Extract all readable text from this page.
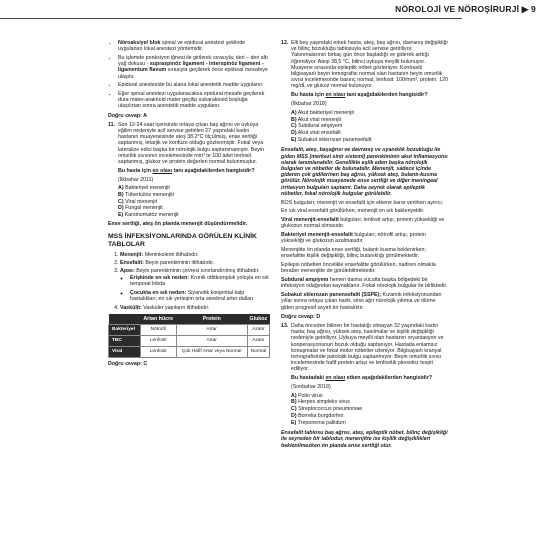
NÖROLOJİ VE NÖROŞİRURJİ ▶ 9
• Nöroaksiyel blok spinal ve epidural anestezi şeklinde uygulanan lokal anestezi yöntemidir.
• Bu işlemde ponksiyon iğnesi ile girilerek sırasıyla; deri – deri altı yağ dokusu - supraspinöz ligament - interspinöz ligament - ligamentum flavum sırasıyla geçilerek önce epidural mesafeye ulaşılır.
• Epidural anestezide bu alana lokal anestetik madde uygulanır.
• Eğer spinal anestezi uygulanacaksa epidural mesafe geçilerek dura mater-araknoid mater geçilip subaraknoid boşluğa ulaşılırtan sonra anestetik madde uygulanır.

Doğru cevap: A

11. Son 12-24 saat içerisinde ortaya çıkan baş ağrısı ve uykuya eğilim nedeniyle acil servise getirilen 27 yaşındaki kadın hastanın muayenesinde ateş 38.2°C ölçülmüş, ense sertliği saptanmış, letarjik ve konfüze olduğu gözlenmiştir. Fokal veya lateralize edici başka bir nörolojik bulgu saptanmamıştır. Beyin omurilik sıvısının incelemesinde mm³ te 100 adet lenfosit saptanmış, glukoz ve protein değerleri normal bulunmuştur.

Bu hasta için en olası tanı aşağıdakilerden hangisidir?

(İlkbahar 2011)

A) Bakteriyel menenjit

B) Tüberküloz menenjiti

C) Viral menenjit

D) Fungal menenjit

E) Karsinomatöz menenjit

Ense sertliği, ateş ön planda menenjit düşündürmelidir.

MSS İNFEKSİYONLARINDA GÖRÜLEN KLİNİK TABLOLAR
1. Menenjit: Meninkslerin iltihabıdır.
2. Ensefalit: Beyin parenkiminin iltihabıdır.
3. Apse: Beyin parenkiminin çevresi sınırlandırılmış iltihabıdır.
◦ Erişkinde en sık neden: Kronik ottitkompluk yoluyla en sık temporal lobda
◦ Çocukta en sık neden: Siyanotik konjenital kalp hastalıkları; en sık yerleşim orta serebral arter dalları
4. Vaskülit: Vasküler yapıların iltihabıdır.
	Artan hücre	Protein	Glukoz
Bakteriyel	Nötrofil	Artar	Azalır
TBC	Lenfosit	Artar	Azalır
Viral	Lenfosit	Çok Hafif Artar veya Normal	Normal

Doğru cevap: C

12. Elli beş yaşındaki erkek hasta; ateş, baş ağrısı, davranış değişikliği ve bilinç bozukluğu tablosuyla acil servise getiriliyor. Yakınmalarının birkaç gün önce başladığı ve giderek arttığı öğreniliyor. Ateşi 38,5 °C, bilinci uykuya meyilli bulunuyor. Muayene sırasında epileptik nöbet gözleniyor. Kontrastlı bilgisayarlı beyin tomografisi normal olan hastanın beyin omurilik sıvısı incelemesinde basınç normal, lenfosit: 100/mm³, protein: 120 mg/dL ve glukoz normal bulunuyor.

Bu hasta için en olası tanı aşağıdakilerden hangisidir?

(İlkbahar 2018)

A) Akut bakteriyel menenjit

B) Akut viral menenjit

C) Subdural ampiyem

D) Akut viral ensefalit

E) Subakut sklerozan panensefalit

Ensefalit, ateş, başağrısı ve davranış ve uyanıklık bozukluğu ile giden MSS (merkezi sinir sistemi) parenkiminin akut inflamasyonu olarak tanımlanabilir. Genellikle eşlik eden başka nörolojik bulguları ve nöbetler de bulunabilir. Menenjit, sadece içinde gideren çok gidilerinen baş ağrısı, yüksek ateş, bulantı-kusma görülür. Nörolojik muayenede ense sertliği ve diğer meningeal irritasyon bulguları saptanır. Daha seyrek olarak epileptik nöbetler, fokal nörolojik bulgular görülebilir.

BOS bulguları; menenjit ve ensefalit için etkene karar verirken ayırıcı;

En sık viral ensefalit görülürken, menenjit en sık bakteriyeldir.

Viral menenjit-ensefalit bulguları; lenfosit artışı, protein yüksekliği ve glukozun normal olmasıdır.

Bakteriyel menenjit-ensefalit bulguları; nötrofil artışı, protein yüksekliği ve glukozun azalmasıdır.

Menenjitte ön planda ense sertliği, bulantı kusma beklenirken; ensefalitte kişilik değişikliği, bilinç bulanıklığı görülmektedir.

Epilepsi nöbetleri öncelikle ensefalitte görülürken, nadiren olmakla beraber menenjitte de görülebilmektedir.

Subdural ampiyem hemen daima vücutta başka bölgedeki bir infeksiyon odağından kaynaklanır. Fokal nörolojik bulgular ile birliktedir.

Subakut sklerozan panensefalit (SSPE); Kızamık infeksiyonundan yıllar sonra ortaya çıkan nadir, sinsi ağır nörolojik yıkıma ve ölüme giden progresif seyirli bir hastalıktır.

Doğru cevap: D

13. Daha önceden bilinen bir hastalığı olmayan 32 yaşındaki kadın hasta; baş ağrısı, yüksek ateş, kasılmalar ve kişilik değişikliği nedeniyle getiriliyor. Uykuya meyilli olan hastanın oryantasyon ve kooperasyonunun bozuk olduğu saptanıyor. Hastada enlamsız konuşmalar ve fokal motor nöbetler izleniyor. Bilgisayarlı kranyal tomografisinde patolojik bulgu saptanmıyor. Beyin omurilik sıvısı incelemesinde hafif protein artışı ve lenfositik pleositoz tespit ediliyor.

Bu hastadaki en olası etken aşağıdakilerden hangisidir?

(Sonbahar 2018)

A) Polio virus

B) Herpes simpleks virus

C) Streptococcus pneumoniae

D) Borrelia burgdorferi

E) Treponema pallidum

Ensefalit tablosu baş ağrısı, ateş, epileptik nöbet, bilinç değişikliği ile seyreden bir tablodur, menenjitte ise kişilik değişiklikleri beklenilmezken ön planda ense sertliği olur.
